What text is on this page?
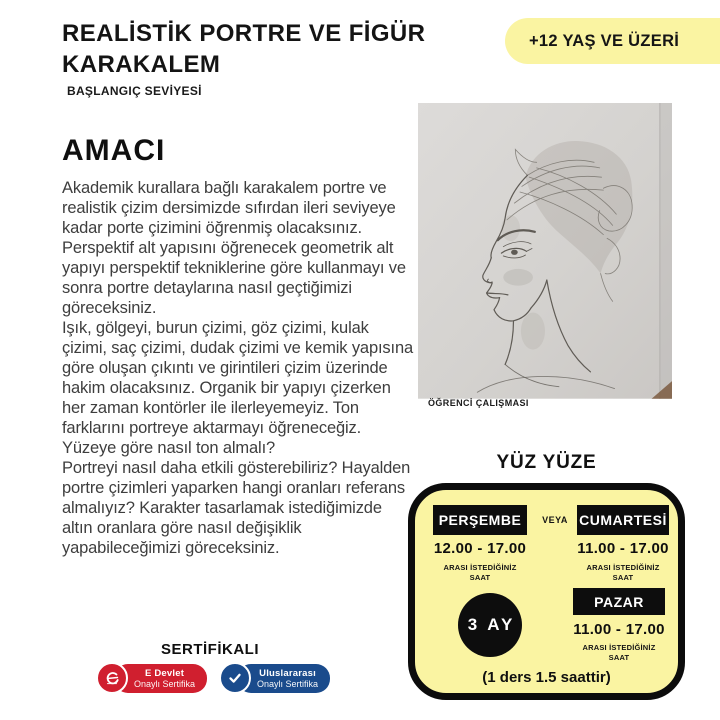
REALİSTİK PORTRE VE FİGÜR
KARAKALEM
BAŞLANGIÇ SEVİYESİ
+12 YAŞ VE ÜZERİ
AMACI

Akademik kurallara bağlı karakalem portre ve realistik çizim dersimizde sıfırdan ileri seviyeye kadar porte çizimini öğrenmiş olacaksınız.

Perspektif alt yapısını öğrenecek geometrik alt yapıyı perspektif tekniklerine göre kullanmayı ve sonra portre detaylarına nasıl geçtiğimizi göreceksiniz.

Işık, gölgeyi, burun çizimi, göz çizimi, kulak çizimi, saç çizimi, dudak çizimi ve kemik yapısına göre oluşan çıkıntı ve girintileri çizim üzerinde hakim olacaksınız. Organik bir yapıyı çizerken her zaman kontörler ile ilerleyemeyiz. Ton farklarını portreye aktarmayı öğreneceğiz. Yüzeye göre nasıl ton almalı?

Portreyi nasıl daha etkili gösterebiliriz? Hayalden portre çizimleri yaparken hangi oranları referans almalıyız? Karakter tasarlamak istediğimizde altın oranlara göre nasıl değişiklik yapabileceğimizi göreceksiniz.

ÖĞRENCİ ÇALIŞMASI
YÜZ YÜZE
PERŞEMBE	VEYA CUMARTESİ
12.00 - 17.00
ARASI İSTEDİĞİNİZ
SAAT
11.00 - 17.00
ARASI İSTEDİĞİNİZ
SAAT
3 AY
PAZAR
11.00 - 17.00
ARASI İSTEDİĞİNİZ
SAAT
(1 ders 1.5 saattir)
SERTİFİKALI
E Devlet
Onaylı Sertifika
Uluslararası
Onaylı Sertifika
